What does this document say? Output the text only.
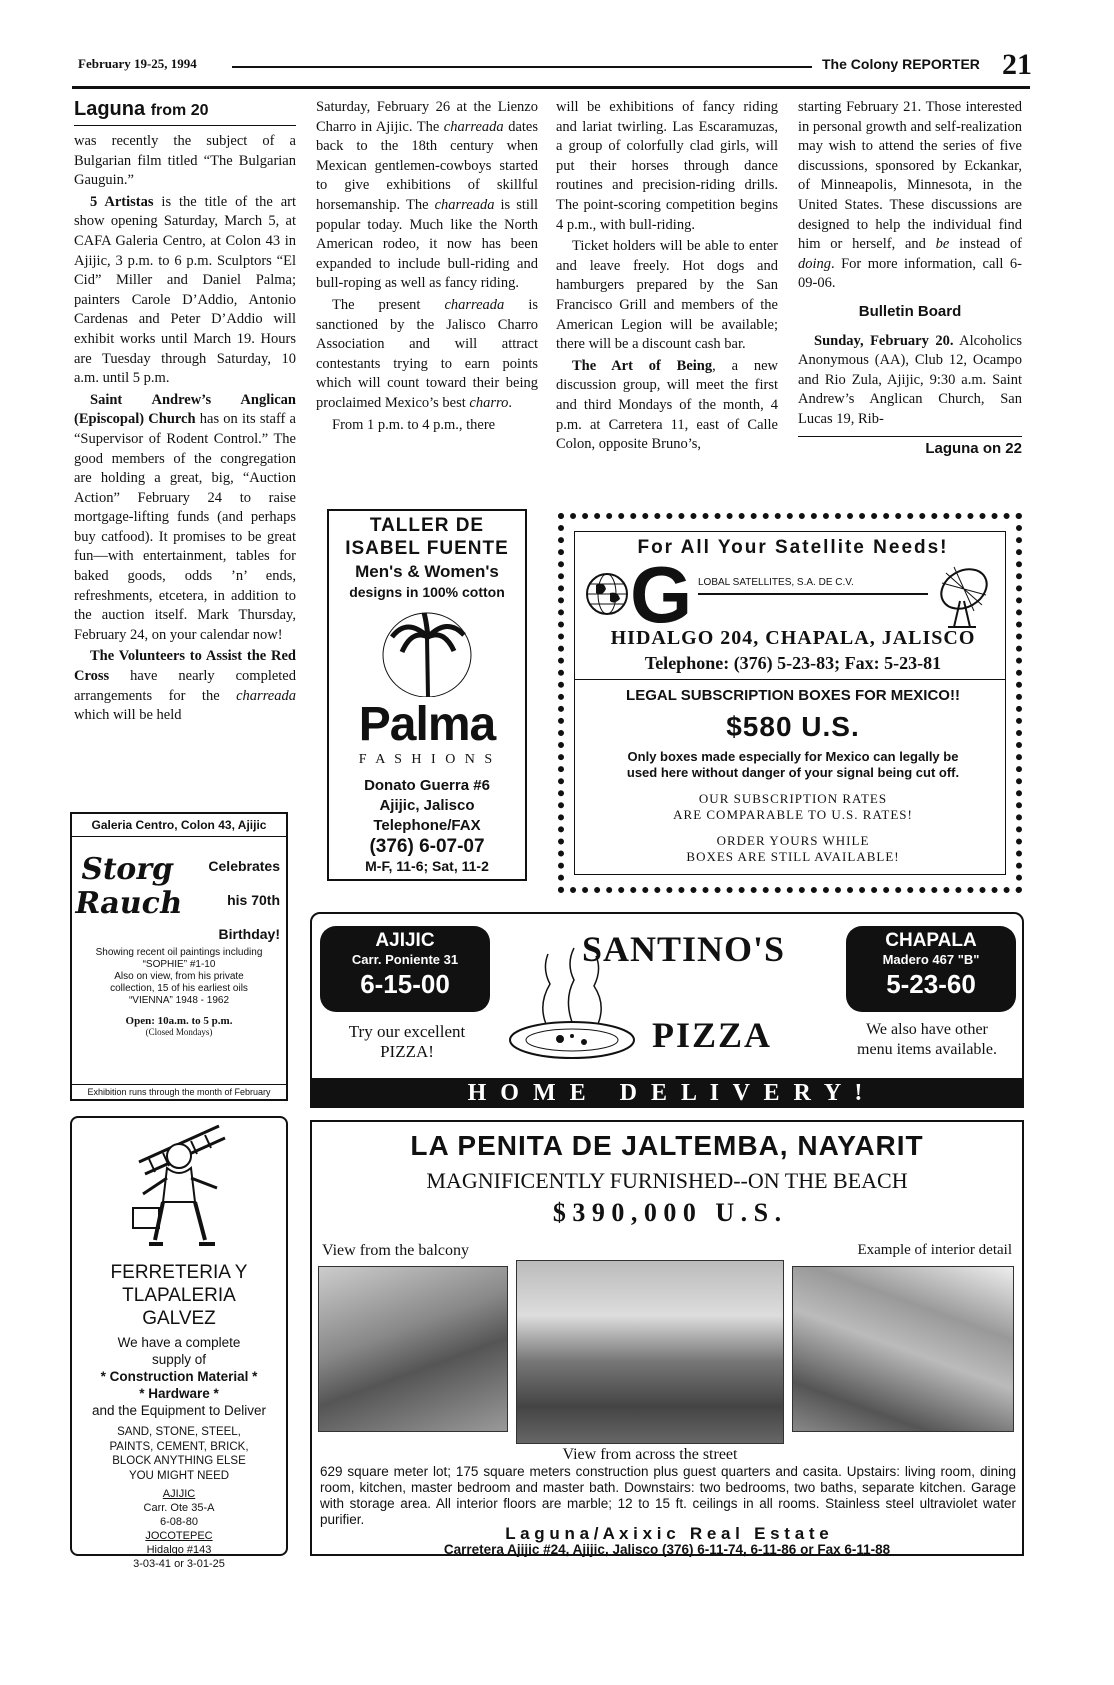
February 19-25, 1994	The Colony REPORTER 21
Laguna from 20

was recently the subject of a Bulgarian film titled “The Bulgarian Gauguin.”

5 Artistas is the title of the art show opening Saturday, March 5, at CAFA Galeria Centro, at Colon 43 in Ajijic, 3 p.m. to 6 p.m. Sculptors “El Cid” Miller and Daniel Palma; painters Carole D’Addio, Antonio Cardenas and Peter D’Addio will exhibit works until March 19. Hours are Tuesday through Saturday, 10 a.m. until 5 p.m.

Saint Andrew’s Anglican (Episcopal) Church has on its staff a “Supervisor of Rodent Control.” The good members of the congregation are holding a great, big, “Auction Action” February 24 to raise mortgage-lifting funds (and perhaps buy catfood). It promises to be great fun—with entertainment, tables for baked goods, odds ’n’ ends, refreshments, etcetera, in addition to the auction itself. Mark Thursday, February 24, on your calendar now!

The Volunteers to Assist the Red Cross have nearly completed arrangements for the charreada which will be held

Saturday, February 26 at the Lienzo Charro in Ajijic. The charreada dates back to the 18th century when Mexican gentlemen-cowboys started to give exhibitions of skillful horsemanship. The charreada is still popular today. Much like the North American rodeo, it now has been expanded to include bull-riding and bull-roping as well as fancy riding.

The present charreada is sanctioned by the Jalisco Charro Association and will attract contestants trying to earn points which will count toward their being proclaimed Mexico’s best charro.

From 1 p.m. to 4 p.m., there

will be exhibitions of fancy riding and lariat twirling. Las Escaramuzas, a group of colorfully clad girls, will put their horses through dance routines and precision-riding drills. The point-scoring competition begins 4 p.m., with bull-riding.

Ticket holders will be able to enter and leave freely. Hot dogs and hamburgers prepared by the San Francisco Grill and members of the American Legion will be available; there will be a discount cash bar.

The Art of Being, a new discussion group, will meet the first and third Mondays of the month, 4 p.m. at Carretera 11, east of Calle Colon, opposite Bruno’s,

starting February 21. Those interested in personal growth and self-realization may wish to attend the series of five discussions, sponsored by Eckankar, of Minneapolis, Minnesota, in the United States. These discussions are designed to help the individual find him or herself, and be instead of doing. For more information, call 6-09-06.

Bulletin Board

Sunday, February 20. Alcoholics Anonymous (AA), Club 12, Ocampo and Rio Zula, Ajijic, 9:30 a.m. Saint Andrew’s Anglican Church, San Lucas 19, Rib-

Laguna on 22
TALLER DE
ISABEL FUENTE
Men's & Women's
designs in 100% cotton
Palma
F A S H I O N S
Donato Guerra #6
Ajijic, Jalisco
Telephone/FAX
(376) 6-07-07
M-F, 11-6; Sat, 11-2
For All Your Satellite Needs!
G LOBAL SATELLITES, S.A. DE C.V.
HIDALGO 204, CHAPALA, JALISCO
Telephone: (376) 5-23-83; Fax: 5-23-81
LEGAL SUBSCRIPTION BOXES FOR MEXICO!!
$580 U.S.
Only boxes made especially for Mexico can legally be
used here without danger of your signal being cut off.
OUR SUBSCRIPTION RATES
ARE COMPARABLE TO U.S. RATES!
ORDER YOURS WHILE
BOXES ARE STILL AVAILABLE!
Galeria Centro, Colon 43, Ajijic
Storg Rauch
Celebrates
his 70th
Birthday!
Showing recent oil paintings including
“SOPHIE” #1-10
Also on view, from his private
collection, 15 of his earliest oils
“VIENNA” 1948 - 1962
Open: 10a.m. to 5 p.m.
(Closed Mondays)
Exhibition runs through the month of February
AJIJIC
Carr. Poniente 31
6-15-00
CHAPALA
Madero 467 "B"
5-23-60
SANTINO'S
PIZZA
Try our excellent
PIZZA!
We also have other
menu items available.
H O M E   D E L I V E R Y !
FERRETERIA Y
TLAPALERIA
GALVEZ
We have a complete
supply of
* Construction Material *
* Hardware *
and the Equipment to Deliver
SAND, STONE, STEEL,
PAINTS, CEMENT, BRICK,
BLOCK ANYTHING ELSE
YOU MIGHT NEED
AJIJIC
Carr. Ote 35-A
6-08-80
JOCOTEPEC
Hidalgo #143
3-03-41 or 3-01-25
LA PENITA DE JALTEMBA, NAYARIT
MAGNIFICENTLY FURNISHED--ON THE BEACH
$ 3 9 0 , 0 0 0   U . S .
View from the balcony	Example of interior detail
View from across the street
629 square meter lot; 175 square meters construction plus guest quarters and casita. Upstairs: living room, dining room, kitchen, master bedroom and master bath. Downstairs: two bedrooms, two baths, separate kitchen. Garage with storage area. All interior floors are marble; 12 to 15 ft. ceilings in all rooms. Stainless steel ultraviolet water purifier.
L a g u n a / A x i x i c   R e a l   E s t a t e
Carretera Ajijic #24, Ajijic, Jalisco (376) 6-11-74, 6-11-86 or Fax 6-11-88
